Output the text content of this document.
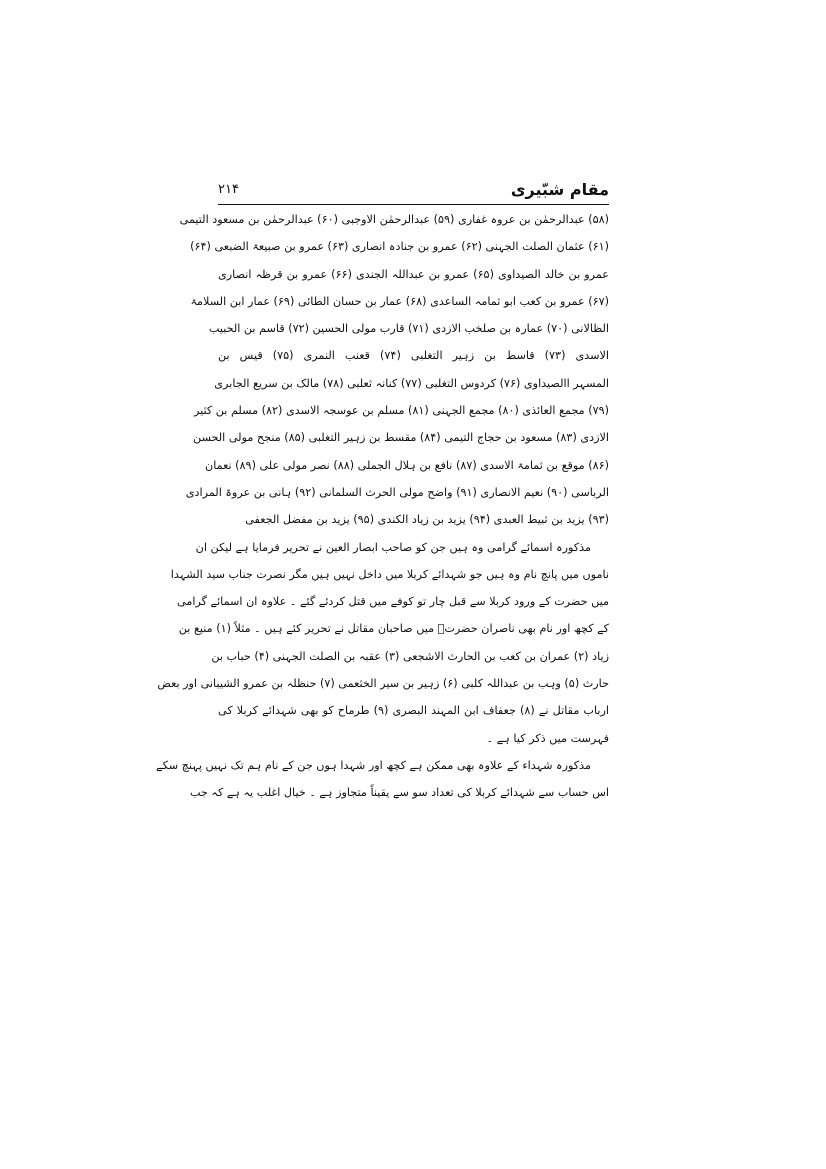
مقام شبّیری
۲۱۴
(۵۸) عبدالرحمٰن بن عروہ غفاری (۵۹) عبدالرحمٰن الاوجبی (۶۰) عبدالرحمٰن بن مسعود التیمی
(۶۱) عثمان الصلت الجہنی (۶۲) عمرو بن جنادہ انصاری (۶۳) عمرو بن صبیعۃ الضبعی (۶۴)
عمرو بن خالد الصیداوی (۶۵) عمرو بن عبداللہ الجندی (۶۶) عمرو بن قرظہ انصاری
(۶۷) عمرو بن کعب ابو ثمامہ الساعدی (۶۸) عمار بن حسان الطائی (۶۹) عمار ابن السلامۃ
الظالانی (۷۰) عمارہ بن صلخب الازدی (۷۱) قارب مولی الحسین (۷۲) قاسم بن الحبیب
الاسدی (۷۳) قاسط بن زہیر التغلبی (۷۴) قعنب النمری (۷۵) قیس بن
المسہر االصیداوی (۷۶) کردوس التغلبی (۷۷) کنانہ ثعلبی (۷۸) مالک بن سریع الجابری
(۷۹) مجمع العائذی (۸۰) مجمع الجہنی (۸۱) مسلم بن عوسجہ الاسدی (۸۲) مسلم بن کثیر
الازدی (۸۳) مسعود بن حجاج التیمی (۸۴) مقسط بن زہیر التغلبی (۸۵) منجح مولی الحسن
(۸۶) موقع بن ثمامۃ الاسدی (۸۷) نافع بن ہلال الجملی (۸۸) نصر مولی علی (۸۹) نعمان
الرباسی (۹۰) نعیم الانصاری (۹۱) واضح مولی الحرث السلمانی (۹۲) ہانی بن عروۃ المرادی
(۹۳) یزید بن ثبیط العبدی (۹۴) یزید بن زیاد الکندی (۹۵) یزید بن مفضل الجعفی
مذکورہ اسمائے گرامی وہ ہیں جن کو صاحب ابصار العین نے تحریر فرمایا ہے لیکن ان
ناموں میں پانچ نام وہ ہیں جو شہدائے کربلا میں داخل نہیں ہیں مگر نصرت جناب سید الشہدا
میں حضرت کے ورود کربلا سے قبل چار تو کوفے میں قتل کردئے گئے ۔ علاوہ ان اسمائے گرامی
کے کچھ اور نام بھی ناصران حضرتؑ میں صاحبان مقاتل نے تحریر کئے ہیں ۔ مثلاً (۱) منیع بن
زیاد (۲) عمران بن کعب بن الحارث الاشجعی (۳) عقبہ بن الصلت الجہنی (۴) حباب بن
حارث (۵) وہب بن عبداللہ کلبی (۶) زہیر بن سیر الخثعمی (۷) حنظلہ بن عمرو الشیبانی اور بعض
ارباب مقاتل نے (۸) جعفاف ابن المہند البصری (۹) طرماح کو بھی شہدائے کربلا کی
فہرست میں ذکر کیا ہے ۔
مذکورہ شہداء کے علاوہ بھی ممکن ہے کچھ اور شہدا ہوں جن کے نام ہم تک نہیں پہنچ سکے
اس حساب سے شہدائے کربلا کی تعداد سو سے یقیناً متجاوز ہے ۔ خیال اغلب یہ ہے کہ جب
